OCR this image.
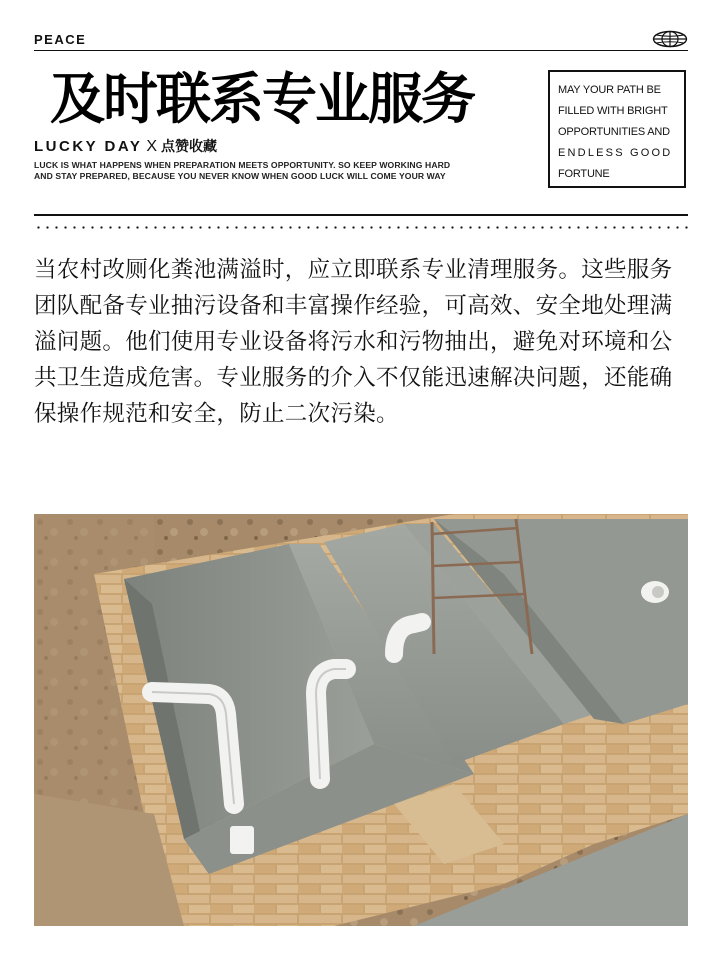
PEACE
及时联系专业服务
LUCKY DAY X 点赞收藏
LUCK IS WHAT HAPPENS WHEN PREPARATION MEETS OPPORTUNITY. SO KEEP WORKING HARD AND STAY PREPARED, BECAUSE YOU NEVER KNOW WHEN GOOD LUCK WILL COME YOUR WAY
MAY YOUR PATH BE
FILLED WITH BRIGHT
OPPORTUNITIES AND
ENDLESS GOOD
FORTUNE
当农村改厕化粪池满溢时，应立即联系专业清理服务。这些服务团队配备专业抽污设备和丰富操作经验，可高效、安全地处理满溢问题。他们使用专业设备将污水和污物抽出，避免对环境和公共卫生造成危害。专业服务的介入不仅能迅速解决问题，还能确保操作规范和安全，防止二次污染。
